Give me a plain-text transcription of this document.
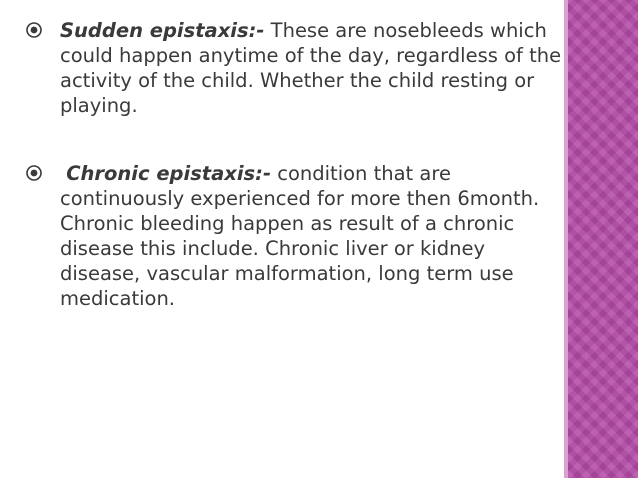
Sudden epistaxis:- These are nosebleeds which could happen anytime of the day, regardless of the activity of the child. Whether the child resting or playing.
Chronic epistaxis:- condition that are continuously experienced for more then 6month. Chronic bleeding happen as result of a chronic disease this include. Chronic liver or kidney disease, vascular malformation, long term use medication.
